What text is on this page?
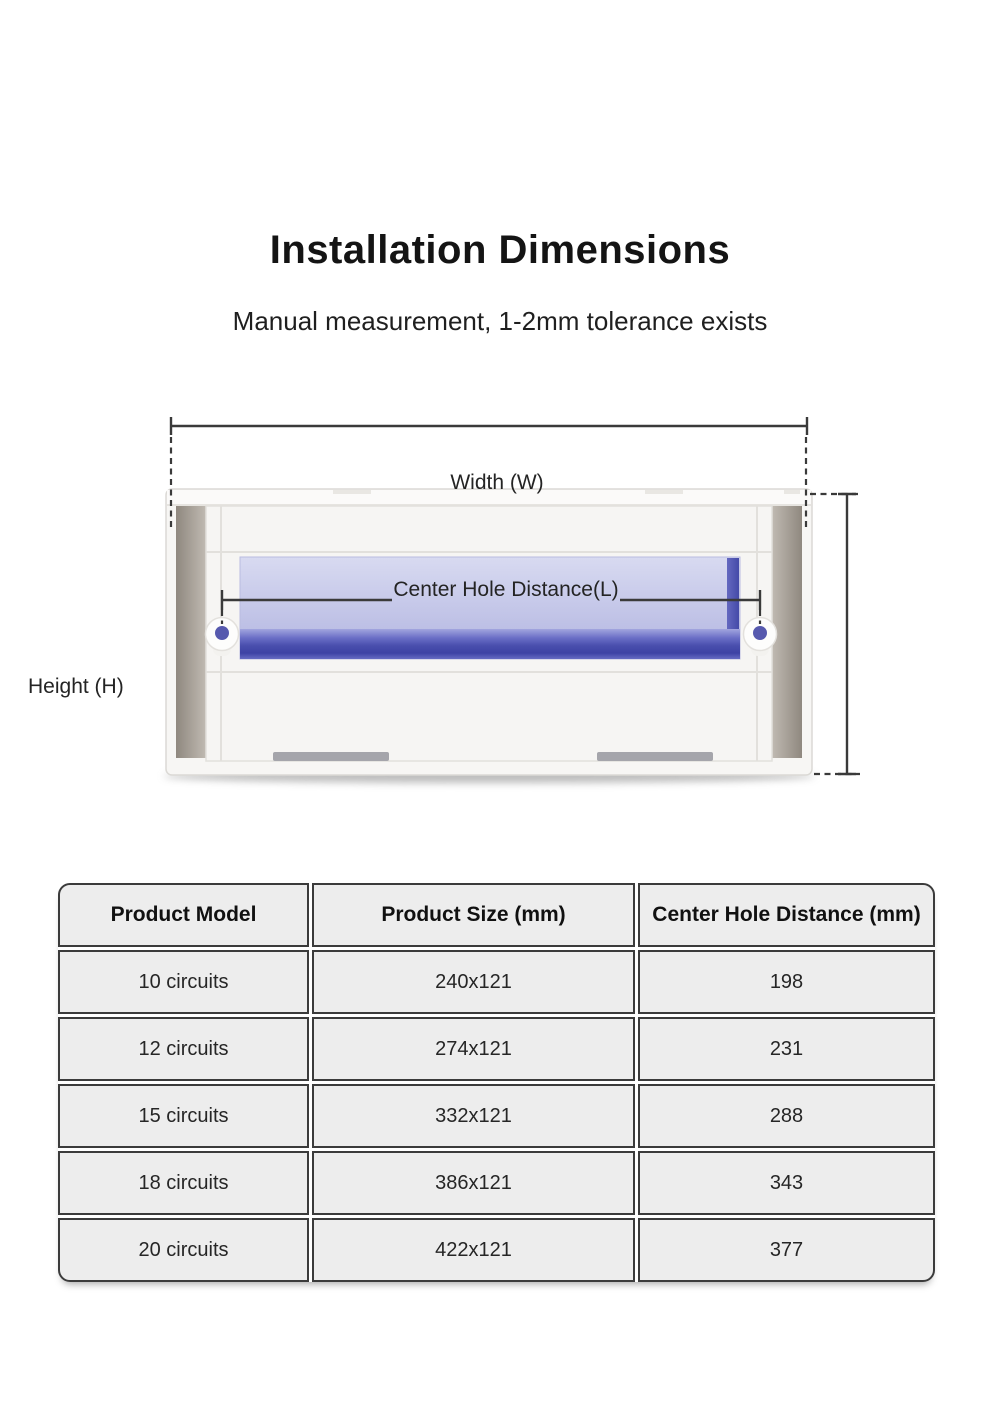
Installation Dimensions

Manual measurement, 1-2mm tolerance exists

Width (W)
Center Hole Distance(L)
Height (H)
Product Model	Product Size (mm)	Center Hole Distance (mm)
10 circuits	240x121	198
12 circuits	274x121	231
15 circuits	332x121	288
18 circuits	386x121	343
20 circuits	422x121	377
